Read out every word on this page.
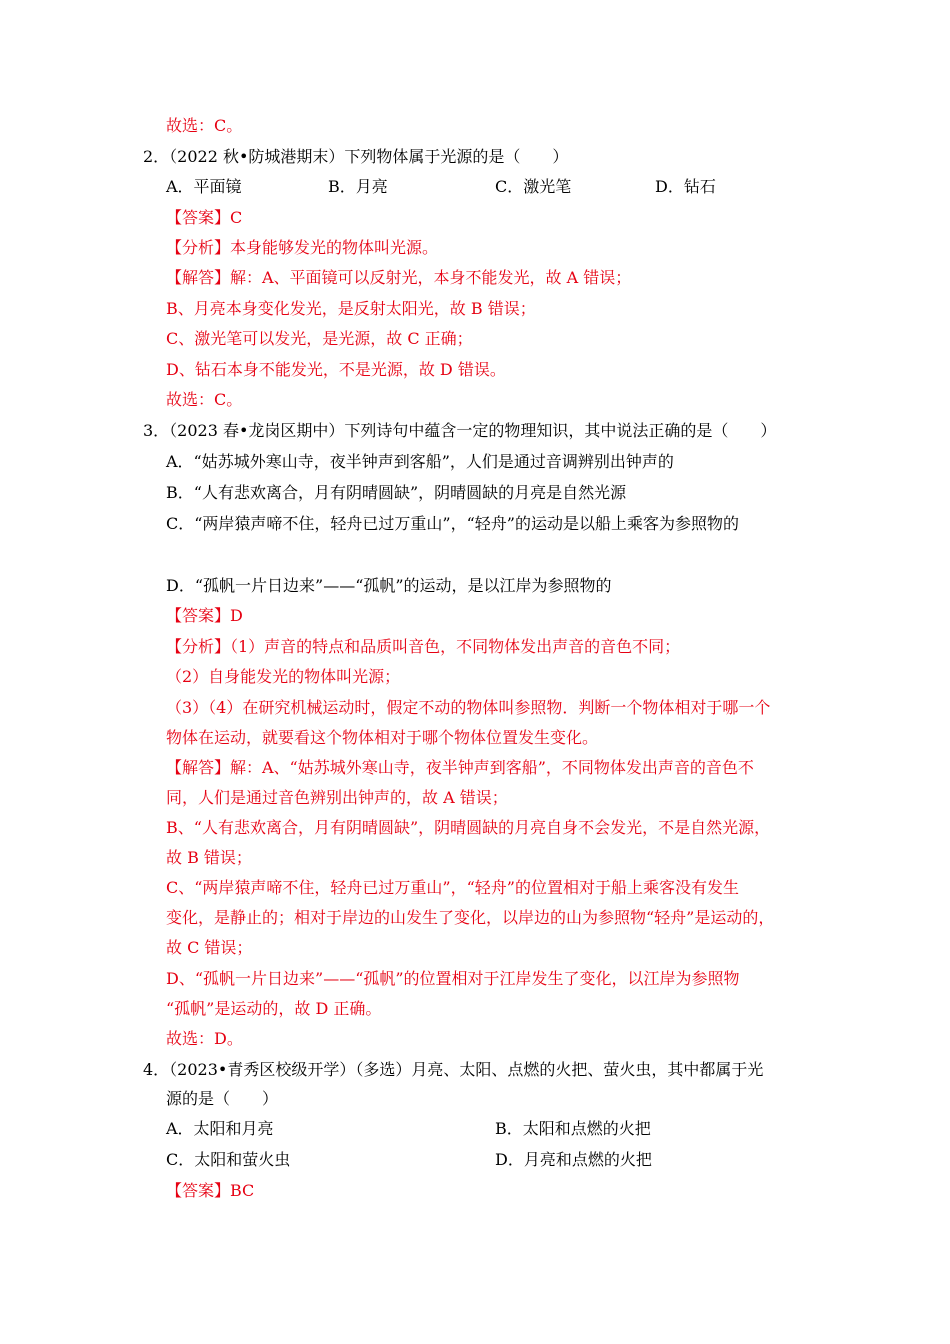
故选：C。
2．（2022 秋•防城港期末）下列物体属于光源的是（　　）
A．平面镜	B．月亮	C．激光笔	D．钻石
【答案】C
【分析】本身能够发光的物体叫光源。
【解答】解：A、平面镜可以反射光，本身不能发光，故 A 错误；
B、月亮本身变化发光，是反射太阳光，故 B 错误；
C、激光笔可以发光，是光源，故 C 正确；
D、钻石本身不能发光，不是光源，故 D 错误。
故选：C。
3．（2023 春•龙岗区期中）下列诗句中蕴含一定的物理知识，其中说法正确的是（　　）
A．“姑苏城外寒山寺，夜半钟声到客船”，人们是通过音调辨别出钟声的
B．“人有悲欢离合，月有阴晴圆缺”，阴晴圆缺的月亮是自然光源
C．“两岸猿声啼不住，轻舟已过万重山”，“轻舟”的运动是以船上乘客为参照物的
D．“孤帆一片日边来”——“孤帆”的运动，是以江岸为参照物的
【答案】D
【分析】（1）声音的特点和品质叫音色，不同物体发出声音的音色不同；
（2）自身能发光的物体叫光源；
（3）（4）在研究机械运动时，假定不动的物体叫参照物．判断一个物体相对于哪一个
物体在运动，就要看这个物体相对于哪个物体位置发生变化。
【解答】解：A、“姑苏城外寒山寺，夜半钟声到客船”，不同物体发出声音的音色不
同，人们是通过音色辨别出钟声的，故 A 错误；
B、“人有悲欢离合，月有阴晴圆缺”，阴晴圆缺的月亮自身不会发光，不是自然光源，
故 B 错误；
C、“两岸猿声啼不住，轻舟已过万重山”，“轻舟”的位置相对于船上乘客没有发生
变化，是静止的；相对于岸边的山发生了变化，以岸边的山为参照物“轻舟”是运动的，
故 C 错误；
D、“孤帆一片日边来”——“孤帆”的位置相对于江岸发生了变化，以江岸为参照物
“孤帆”是运动的，故 D 正确。
故选：D。
4．（2023•青秀区校级开学）（多选）月亮、太阳、点燃的火把、萤火虫，其中都属于光
源的是（　　）
A．太阳和月亮	B．太阳和点燃的火把
C．太阳和萤火虫	D．月亮和点燃的火把
【答案】BC
